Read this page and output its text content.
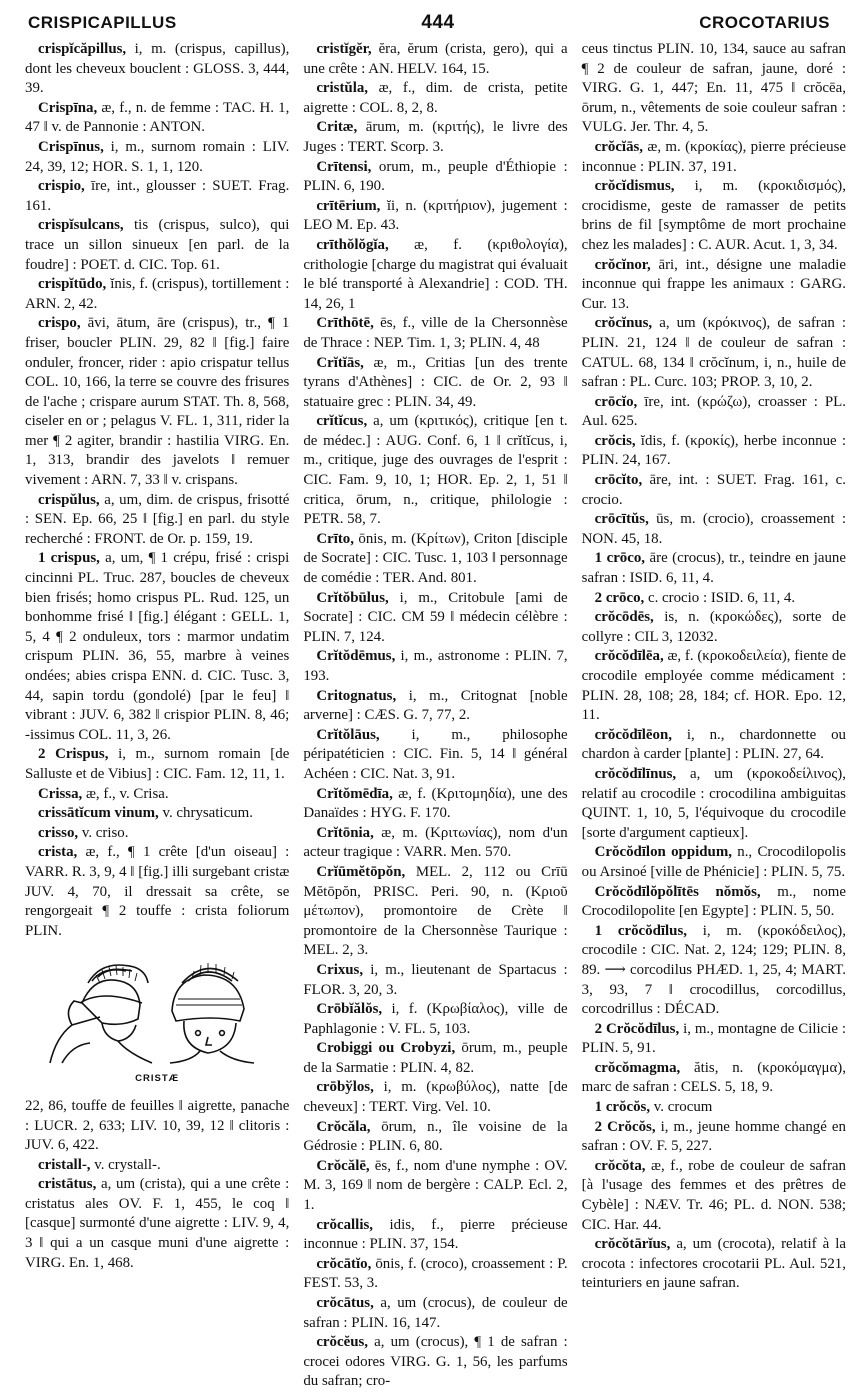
CRISPICAPILLUS	444	CROCOTARIUS

crispĭcăpillus, i, m. (crispus, capillus), dont les cheveux bouclent : GLOSS. 3, 444, 39.

Crispīna, æ, f., n. de femme : TAC. H. 1, 47 ‖ v. de Pannonie : ANTON.

Crispīnus, i, m., surnom romain : LIV. 24, 39, 12; HOR. S. 1, 1, 120.

crispio, īre, int., glousser : SUET. Frag. 161.

crispĭsulcans, tis (crispus, sulco), qui trace un sillon sinueux [en parl. de la foudre] : POET. d. CIC. Top. 61.

crispĭtūdo, ĭnis, f. (crispus), tortillement : ARN. 2, 42.

crispo, āvi, ātum, āre (crispus), tr., ¶ 1 friser, boucler PLIN. 29, 82 ‖ [fig.] faire onduler, froncer, rider : apio crispatur tellus COL. 10, 166, la terre se couvre des frisures de l'ache ; crispare aurum STAT. Th. 8, 568, ciseler en or ; pelagus V. FL. 1, 311, rider la mer ¶ 2 agiter, brandir : hastilia VIRG. En. 1, 313, brandir des javelots ‖ remuer vivement : ARN. 7, 33 ‖ v. crispans.

crispŭlus, a, um, dim. de crispus, frisotté : SEN. Ep. 66, 25 ‖ [fig.] en parl. du style recherché : FRONT. de Or. p. 159, 19.

1 crispus, a, um, ¶ 1 crépu, frisé : crispi cincinni PL. Truc. 287, boucles de cheveux bien frisés; homo crispus PL. Rud. 125, un bonhomme frisé ‖ [fig.] élégant : GELL. 1, 5, 4 ¶ 2 onduleux, tors : marmor undatim crispum PLIN. 36, 55, marbre à veines ondées; abies crispa ENN. d. CIC. Tusc. 3, 44, sapin tordu (gondolé) [par le feu] ‖ vibrant : JUV. 6, 382 ‖ crispior PLIN. 8, 46; -issimus COL. 11, 3, 26.

2 Crispus, i, m., surnom romain [de Salluste et de Vibius] : CIC. Fam. 12, 11, 1.

Crissa, æ, f., v. Crisa.

crissātĭcum vinum, v. chrysaticum.

crisso, v. criso.

crista, æ, f., ¶ 1 crête [d'un oiseau] : VARR. R. 3, 9, 4 ‖ [fig.] illi surgebant cristæ JUV. 4, 70, il dressait sa crête, se rengorgeait ¶ 2 touffe : crista foliorum PLIN.

CRISTÆ

22, 86, touffe de feuilles ‖ aigrette, panache : LUCR. 2, 633; LIV. 10, 39, 12 ‖ clitoris : JUV. 6, 422.

cristall-, v. crystall-.

cristātus, a, um (crista), qui a une crête : cristatus ales OV. F. 1, 455, le coq ‖ [casque] surmonté d'une aigrette : LIV. 9, 4, 3 ‖ qui a un casque muni d'une aigrette : VIRG. En. 1, 468.

cristĭgĕr, ĕra, ĕrum (crista, gero), qui a une crête : AN. HELV. 164, 15.

cristŭla, æ, f., dim. de crista, petite aigrette : COL. 8, 2, 8.

Critæ, ārum, m. (κριτής), le livre des Juges : TERT. Scorp. 3.

Crītensi, orum, m., peuple d'Éthiopie : PLIN. 6, 190.

crītērium, ĭi, n. (κριτήριον), jugement : LEO M. Ep. 43.

crīthŏlŏgĭa, æ, f. (κριθολογία), crithologie [charge du magistrat qui évaluait le blé transporté à Alexandrie] : COD. TH. 14, 26, 1

Crīthōtē, ēs, f., ville de la Chersonnèse de Thrace : NEP. Tim. 1, 3; PLIN. 4, 48

Crĭtĭās, æ, m., Critias [un des trente tyrans d'Athènes] : CIC. de Or. 2, 93 ‖ statuaire grec : PLIN. 34, 49.

crĭtĭcus, a, um (κριτικός), critique [en t. de médec.] : AUG. Conf. 6, 1 ‖ crĭtĭcus, i, m., critique, juge des ouvrages de l'esprit : CIC. Fam. 9, 10, 1; HOR. Ep. 2, 1, 51 ‖ critica, ōrum, n., critique, philologie : PETR. 58, 7.

Crīto, ōnis, m. (Κρίτων), Criton [disciple de Socrate] : CIC. Tusc. 1, 103 ‖ personnage de comédie : TER. And. 801.

Crĭtŏbūlus, i, m., Critobule [ami de Socrate] : CIC. CM 59 ‖ médecin célèbre : PLIN. 7, 124.

Crĭtŏdēmus, i, m., astronome : PLIN. 7, 193.

Critognatus, i, m., Critognat [noble arverne] : CÆS. G. 7, 77, 2.

Crĭtŏlāus, i, m., philosophe péripatéticien : CIC. Fin. 5, 14 ‖ général Achéen : CIC. Nat. 3, 91.

Crĭtŏmēdīa, æ, f. (Κριτομηδία), une des Danaïdes : HYG. F. 170.

Crĭtōnia, æ, m. (Κριτωνίας), nom d'un acteur tragique : VARR. Men. 570.

Crĭūmĕtōpŏn, MEL. 2, 112 ou Crīū Mĕtōpŏn, PRISC. Peri. 90, n. (Κριοῦ μέτωπον), promontoire de Crète ‖ promontoire de la Chersonnèse Taurique : MEL. 2, 3.

Crixus, i, m., lieutenant de Spartacus : FLOR. 3, 20, 3.

Crōbĭălŏs, i, f. (Κρωβίαλος), ville de Paphlagonie : V. FL. 5, 103.

Crobiggi ou Crobyzi, ōrum, m., peuple de la Sarmatie : PLIN. 4, 82.

crōbўlos, i, m. (κρωβύλος), natte [de cheveux] : TERT. Virg. Vel. 10.

Crŏcăla, ōrum, n., île voisine de la Gédrosie : PLIN. 6, 80.

Crŏcălē, ēs, f., nom d'une nymphe : OV. M. 3, 169 ‖ nom de bergère : CALP. Ecl. 2, 1.

crŏcallis, idis, f., pierre précieuse inconnue : PLIN. 37, 154.

crŏcātĭo, ōnis, f. (croco), croassement : P. FEST. 53, 3.

crŏcātus, a, um (crocus), de couleur de safran : PLIN. 16, 147.

crŏcĕus, a, um (crocus), ¶ 1 de safran : crocei odores VIRG. G. 1, 56, les parfums du safran; cro-

ceus tinctus PLIN. 10, 134, sauce au safran ¶ 2 de couleur de safran, jaune, doré : VIRG. G. 1, 447; En. 11, 475 ‖ crŏcēa, ōrum, n., vêtements de soie couleur safran : VULG. Jer. Thr. 4, 5.

crŏcĭās, æ, m. (κροκίας), pierre précieuse inconnue : PLIN. 37, 191.

crŏcĭdismus, i, m. (κροκιδισμός), crocidisme, geste de ramasser de petits brins de fil [symptôme de mort prochaine chez les malades] : C. AUR. Acut. 1, 3, 34.

crŏcĭnor, āri, int., désigne une maladie inconnue qui frappe les animaux : GARG. Cur. 13.

crŏcĭnus, a, um (κρόκινος), de safran : PLIN. 21, 124 ‖ de couleur de safran : CATUL. 68, 134 ‖ crŏcĭnum, i, n., huile de safran : PL. Curc. 103; PROP. 3, 10, 2.

crōcĭo, īre, int. (κρώζω), croasser : PL. Aul. 625.

crŏcis, ĭdis, f. (κροκίς), herbe inconnue : PLIN. 24, 167.

crōcĭto, āre, int. : SUET. Frag. 161, c. crocio.

crōcītŭs, ūs, m. (crocio), croassement : NON. 45, 18.

1 crōco, āre (crocus), tr., teindre en jaune safran : ISID. 6, 11, 4.

2 crōco, c. crocio : ISID. 6, 11, 4.

crŏcōdēs, is, n. (κροκώδες), sorte de collyre : CIL 3, 12032.

crŏcŏdīlēa, æ, f. (κροκοδειλεία), fiente de crocodile employée comme médicament : PLIN. 28, 108; 28, 184; cf. HOR. Epo. 12, 11.

crŏcŏdīlēon, i, n., chardonnette ou chardon à carder [plante] : PLIN. 27, 64.

crŏcŏdīlīnus, a, um (κροκοδείλινος), relatif au crocodile : crocodilina ambiguitas QUINT. 1, 10, 5, l'équivoque du crocodile [sorte d'argument captieux].

Crŏcŏdīlon oppidum, n., Crocodilopolis ou Arsinoé [ville de Phénicie] : PLIN. 5, 75.

Crŏcŏdīlŏpŏlītēs nŏmŏs, m., nome Crocodilopolite [en Egypte] : PLIN. 5, 50.

1 crŏcŏdīlus, i, m. (κροκόδειλος), crocodile : CIC. Nat. 2, 124; 129; PLIN. 8, 89. ⟶ corcodilus PHÆD. 1, 25, 4; MART. 3, 93, 7 ‖ crocodillus, corcodillus, corcodrillus : DÉCAD.

2 Crŏcŏdīlus, i, m., montagne de Cilicie : PLIN. 5, 91.

crŏcŏmagma, ătis, n. (κροκόμαγμα), marc de safran : CELS. 5, 18, 9.

1 crŏcŏs, v. crocum

2 Crŏcŏs, i, m., jeune homme changé en safran : OV. F. 5, 227.

crŏcŏta, æ, f., robe de couleur de safran [à l'usage des femmes et des prêtres de Cybèle] : NÆV. Tr. 46; PL. d. NON. 538; CIC. Har. 44.

crŏcŏtārĭus, a, um (crocota), relatif à la crocota : infectores crocotarii PL. Aul. 521, teinturiers en jaune safran.
